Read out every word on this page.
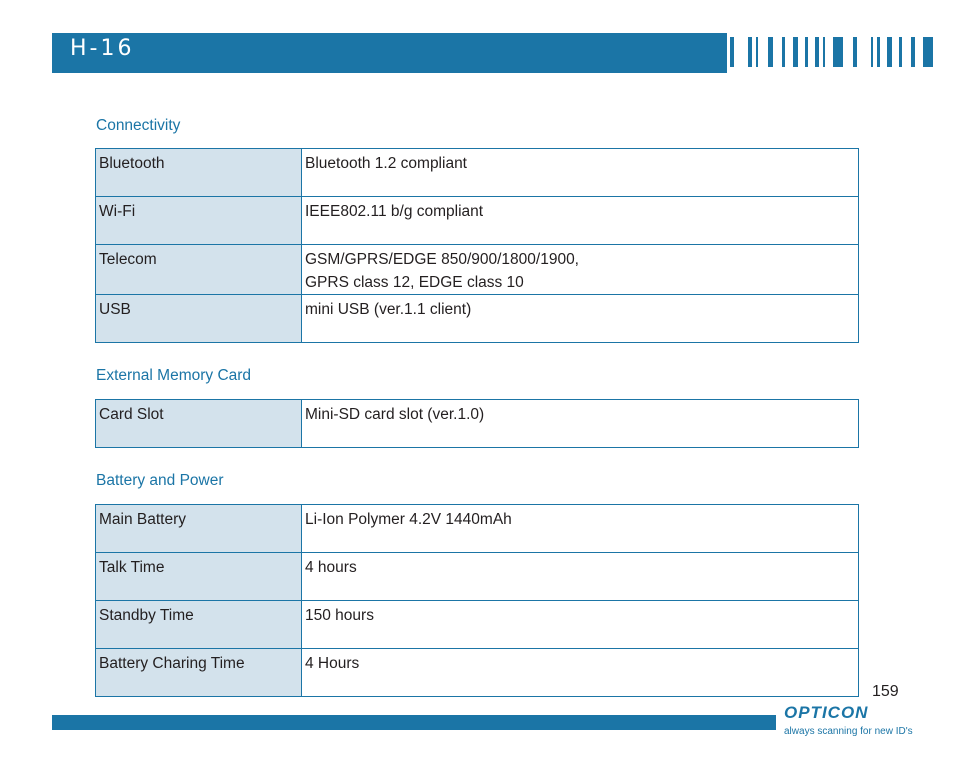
H-16
Connectivity
Bluetooth	Bluetooth 1.2 compliant

Wi-Fi	IEEE802.11 b/g compliant

Telecom	GSM/GPRS/EDGE 850/900/1800/1900,
GPRS class 12, EDGE class 10

USB	mini USB (ver.1.1 client)
External Memory Card
Card Slot	Mini-SD card slot (ver.1.0)
Battery and Power
Main Battery	Li-Ion Polymer 4.2V 1440mAh

Talk Time	4 hours

Standby Time	150 hours

Battery Charing Time	4 Hours
159
OPTICON
always scanning for new ID's
